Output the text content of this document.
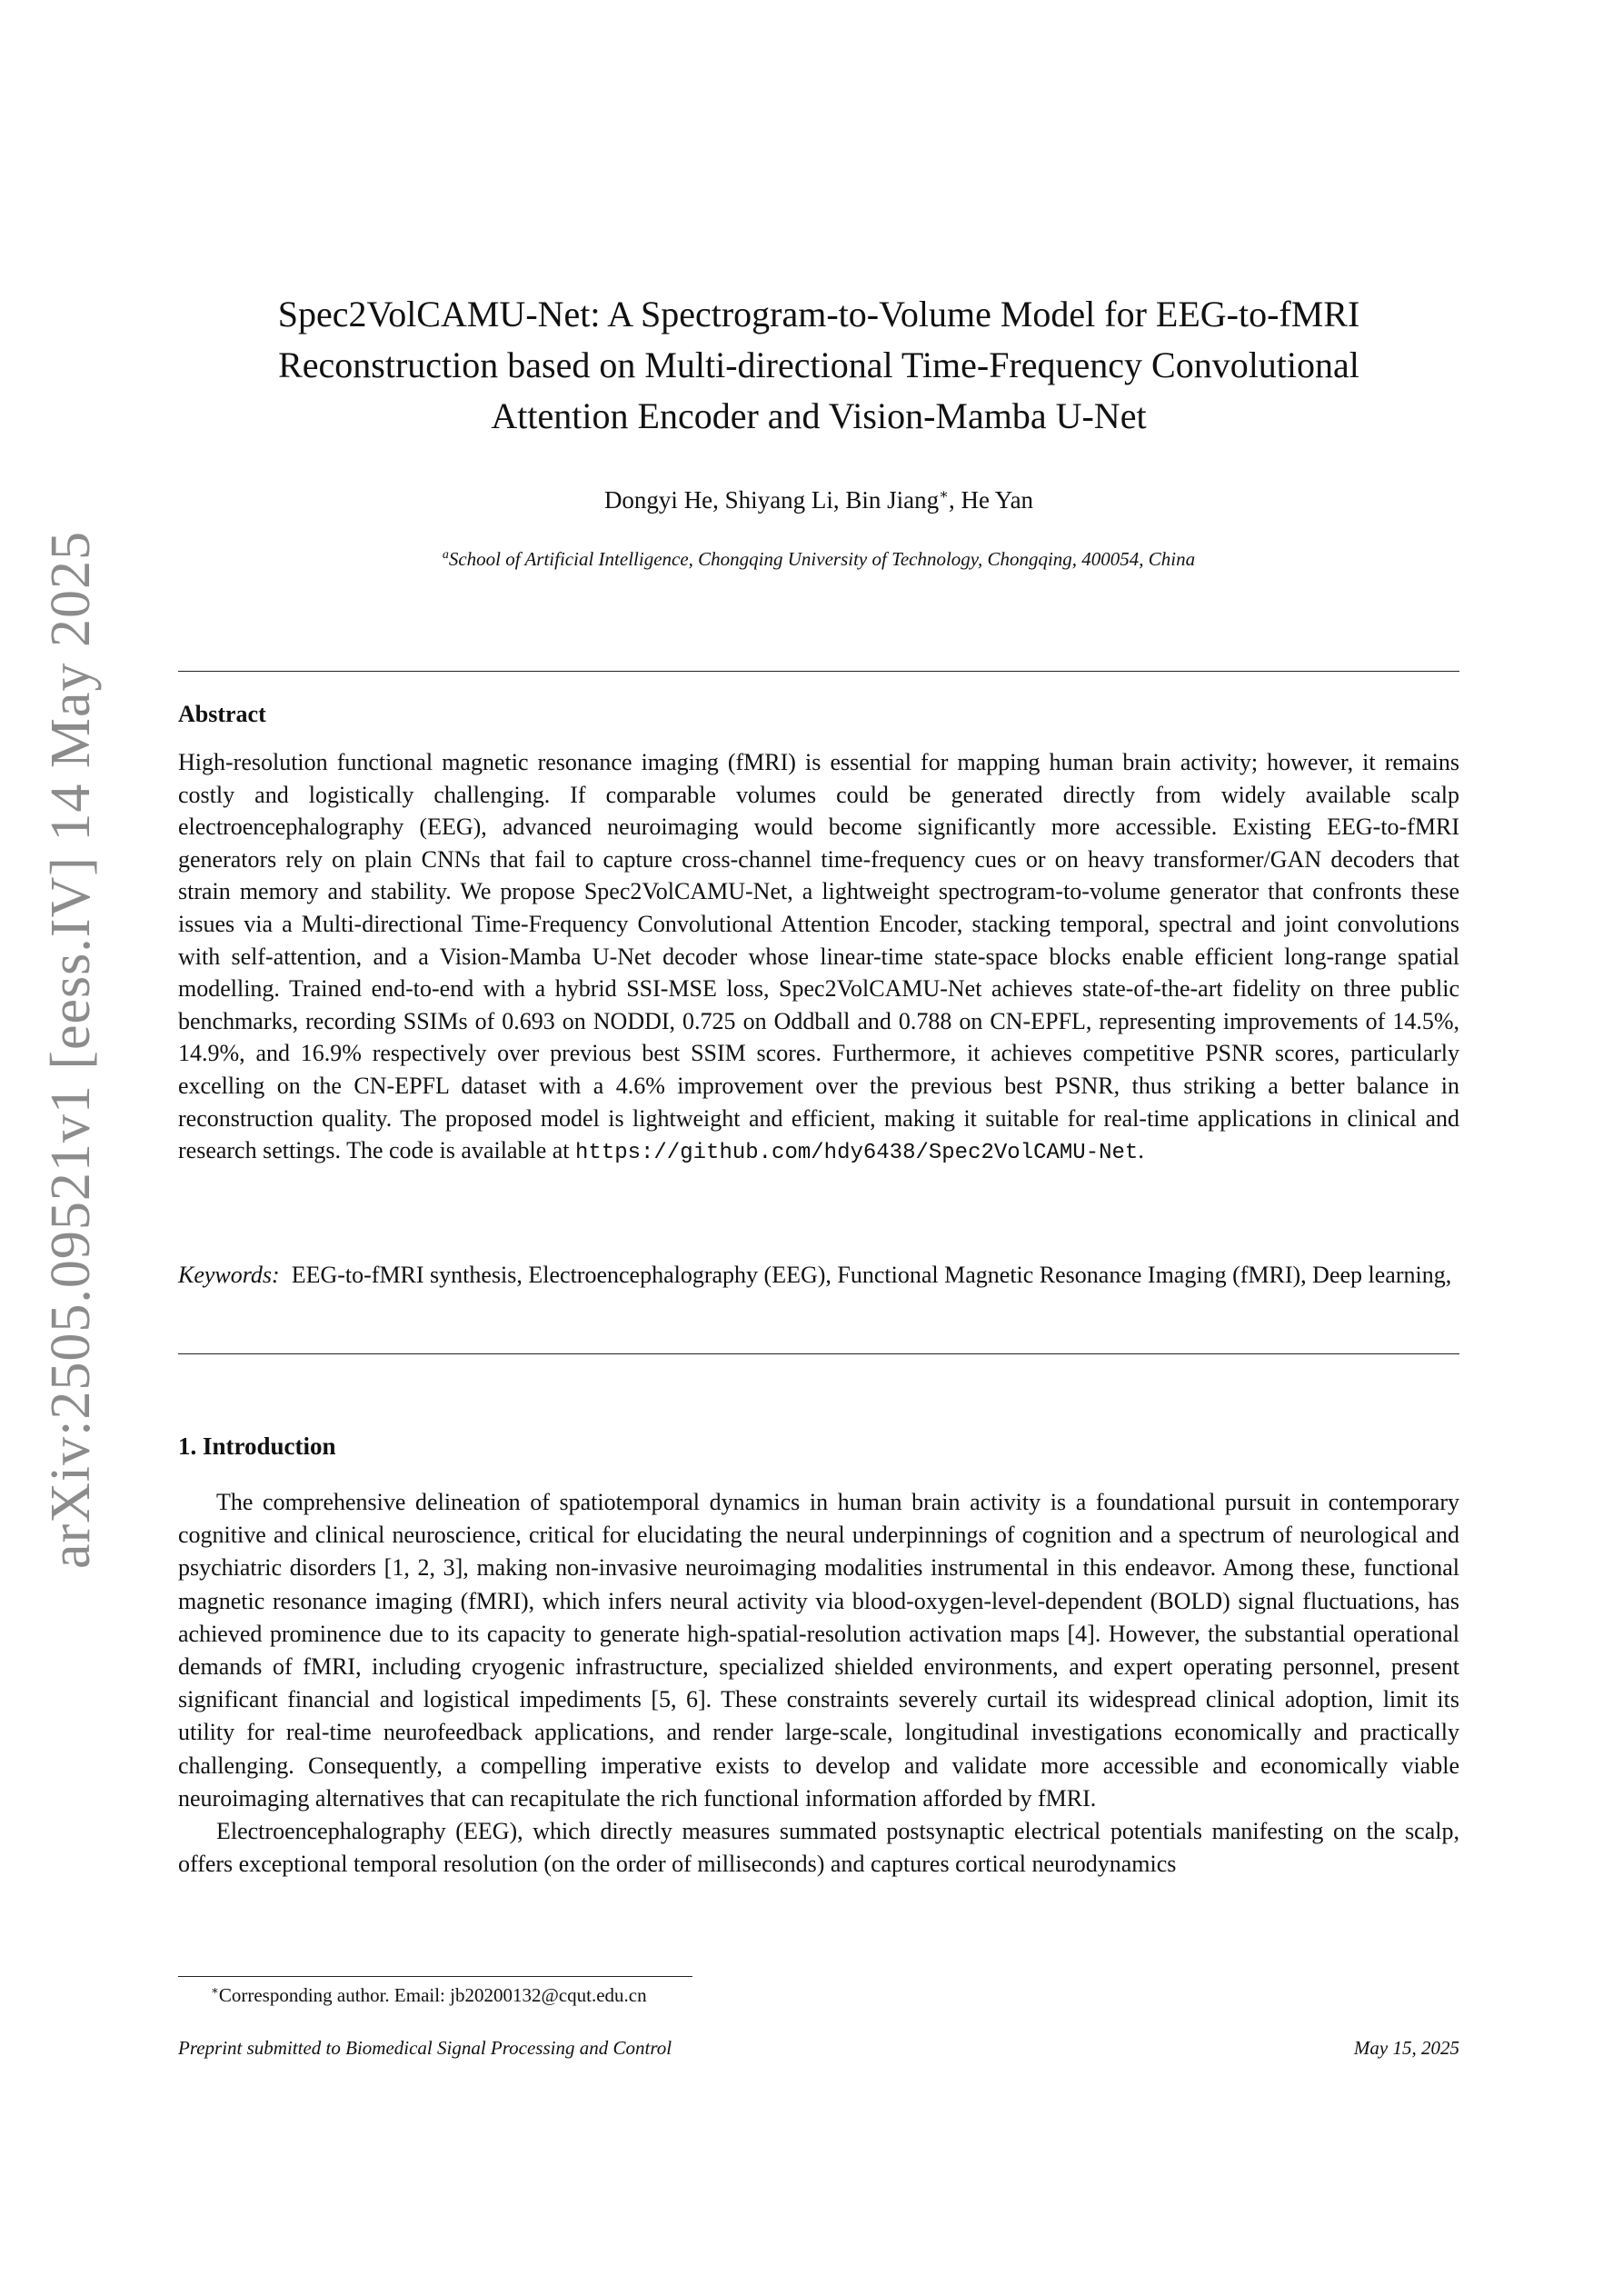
arXiv:2505.09521v1 [eess.IV] 14 May 2025
Spec2VolCAMU-Net: A Spectrogram-to-Volume Model for EEG-to-fMRI
Reconstruction based on Multi-directional Time-Frequency Convolutional
Attention Encoder and Vision-Mamba U-Net
Dongyi He, Shiyang Li, Bin Jiang∗, He Yan
$^a$School of Artificial Intelligence, Chongqing University of Technology, Chongqing, 400054, China
Abstract
High-resolution functional magnetic resonance imaging (fMRI) is essential for mapping human brain activity; however, it remains costly and logistically challenging. If comparable volumes could be generated directly from widely available scalp electroencephalography (EEG), advanced neuroimaging would become significantly more accessible. Existing EEG-to-fMRI generators rely on plain CNNs that fail to capture cross-channel time-frequency cues or on heavy transformer/GAN decoders that strain memory and stability. We propose Spec2VolCAMU-Net, a lightweight spectrogram-to-volume generator that confronts these issues via a Multi-directional Time-Frequency Convolutional Attention Encoder, stacking temporal, spectral and joint convolutions with self-attention, and a Vision-Mamba U-Net decoder whose linear-time state-space blocks enable efficient long-range spatial modelling. Trained end-to-end with a hybrid SSI-MSE loss, Spec2VolCAMU-Net achieves state-of-the-art fidelity on three public benchmarks, recording SSIMs of 0.693 on NODDI, 0.725 on Oddball and 0.788 on CN-EPFL, representing improvements of 14.5%, 14.9%, and 16.9% respectively over previous best SSIM scores. Furthermore, it achieves competitive PSNR scores, particularly excelling on the CN-EPFL dataset with a 4.6% improvement over the previous best PSNR, thus striking a better balance in reconstruction quality. The proposed model is lightweight and efficient, making it suitable for real-time applications in clinical and research settings. The code is available at https://github.com/hdy6438/Spec2VolCAMU-Net.
Keywords: EEG-to-fMRI synthesis, Electroencephalography (EEG), Functional Magnetic Resonance Imaging (fMRI), Deep learning,
1. Introduction

The comprehensive delineation of spatiotemporal dynamics in human brain activity is a foundational pursuit in contemporary cognitive and clinical neuroscience, critical for elucidating the neural underpinnings of cognition and a spectrum of neurological and psychiatric disorders [1, 2, 3], making non-invasive neuroimaging modalities instrumental in this endeavor. Among these, functional magnetic resonance imaging (fMRI), which infers neural activity via blood-oxygen-level-dependent (BOLD) signal fluctuations, has achieved prominence due to its capacity to generate high-spatial-resolution activation maps [4]. However, the substantial operational demands of fMRI, including cryogenic infrastructure, specialized shielded environments, and expert operating personnel, present significant financial and logistical impediments [5, 6]. These constraints severely curtail its widespread clinical adoption, limit its utility for real-time neurofeedback applications, and render large-scale, longitudinal investigations economically and practically challenging. Consequently, a compelling imperative exists to develop and validate more accessible and economically viable neuroimaging alternatives that can recapitulate the rich functional information afforded by fMRI.

Electroencephalography (EEG), which directly measures summated postsynaptic electrical potentials manifesting on the scalp, offers exceptional temporal resolution (on the order of milliseconds) and captures cortical neurodynamics

∗Corresponding author. Email: jb20200132@cqut.edu.cn
Preprint submitted to Biomedical Signal Processing and Control	May 15, 2025
